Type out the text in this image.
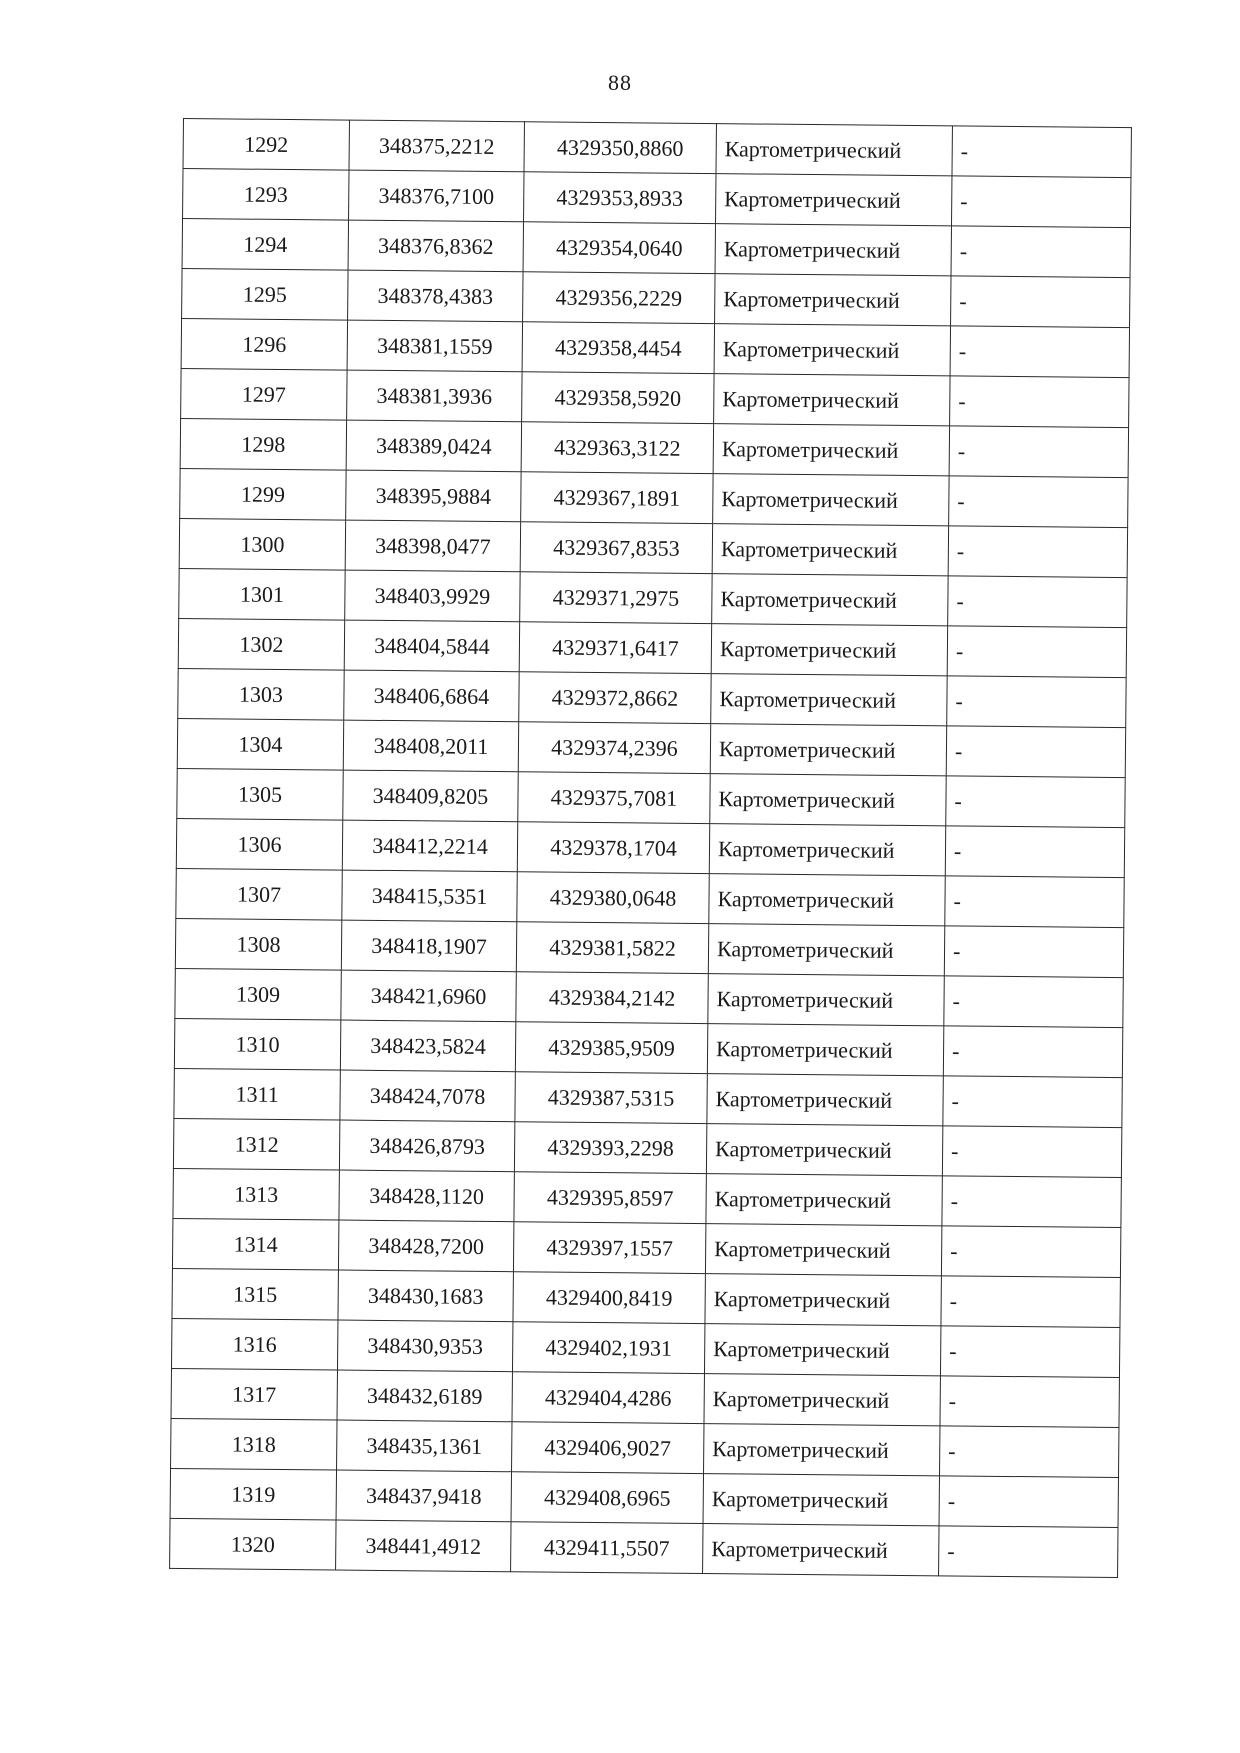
88
1292	348375,2212	4329350,8860	Картометрический	-
1293	348376,7100	4329353,8933	Картометрический	-
1294	348376,8362	4329354,0640	Картометрический	-
1295	348378,4383	4329356,2229	Картометрический	-
1296	348381,1559	4329358,4454	Картометрический	-
1297	348381,3936	4329358,5920	Картометрический	-
1298	348389,0424	4329363,3122	Картометрический	-
1299	348395,9884	4329367,1891	Картометрический	-
1300	348398,0477	4329367,8353	Картометрический	-
1301	348403,9929	4329371,2975	Картометрический	-
1302	348404,5844	4329371,6417	Картометрический	-
1303	348406,6864	4329372,8662	Картометрический	-
1304	348408,2011	4329374,2396	Картометрический	-
1305	348409,8205	4329375,7081	Картометрический	-
1306	348412,2214	4329378,1704	Картометрический	-
1307	348415,5351	4329380,0648	Картометрический	-
1308	348418,1907	4329381,5822	Картометрический	-
1309	348421,6960	4329384,2142	Картометрический	-
1310	348423,5824	4329385,9509	Картометрический	-
1311	348424,7078	4329387,5315	Картометрический	-
1312	348426,8793	4329393,2298	Картометрический	-
1313	348428,1120	4329395,8597	Картометрический	-
1314	348428,7200	4329397,1557	Картометрический	-
1315	348430,1683	4329400,8419	Картометрический	-
1316	348430,9353	4329402,1931	Картометрический	-
1317	348432,6189	4329404,4286	Картометрический	-
1318	348435,1361	4329406,9027	Картометрический	-
1319	348437,9418	4329408,6965	Картометрический	-
1320	348441,4912	4329411,5507	Картометрический	-
